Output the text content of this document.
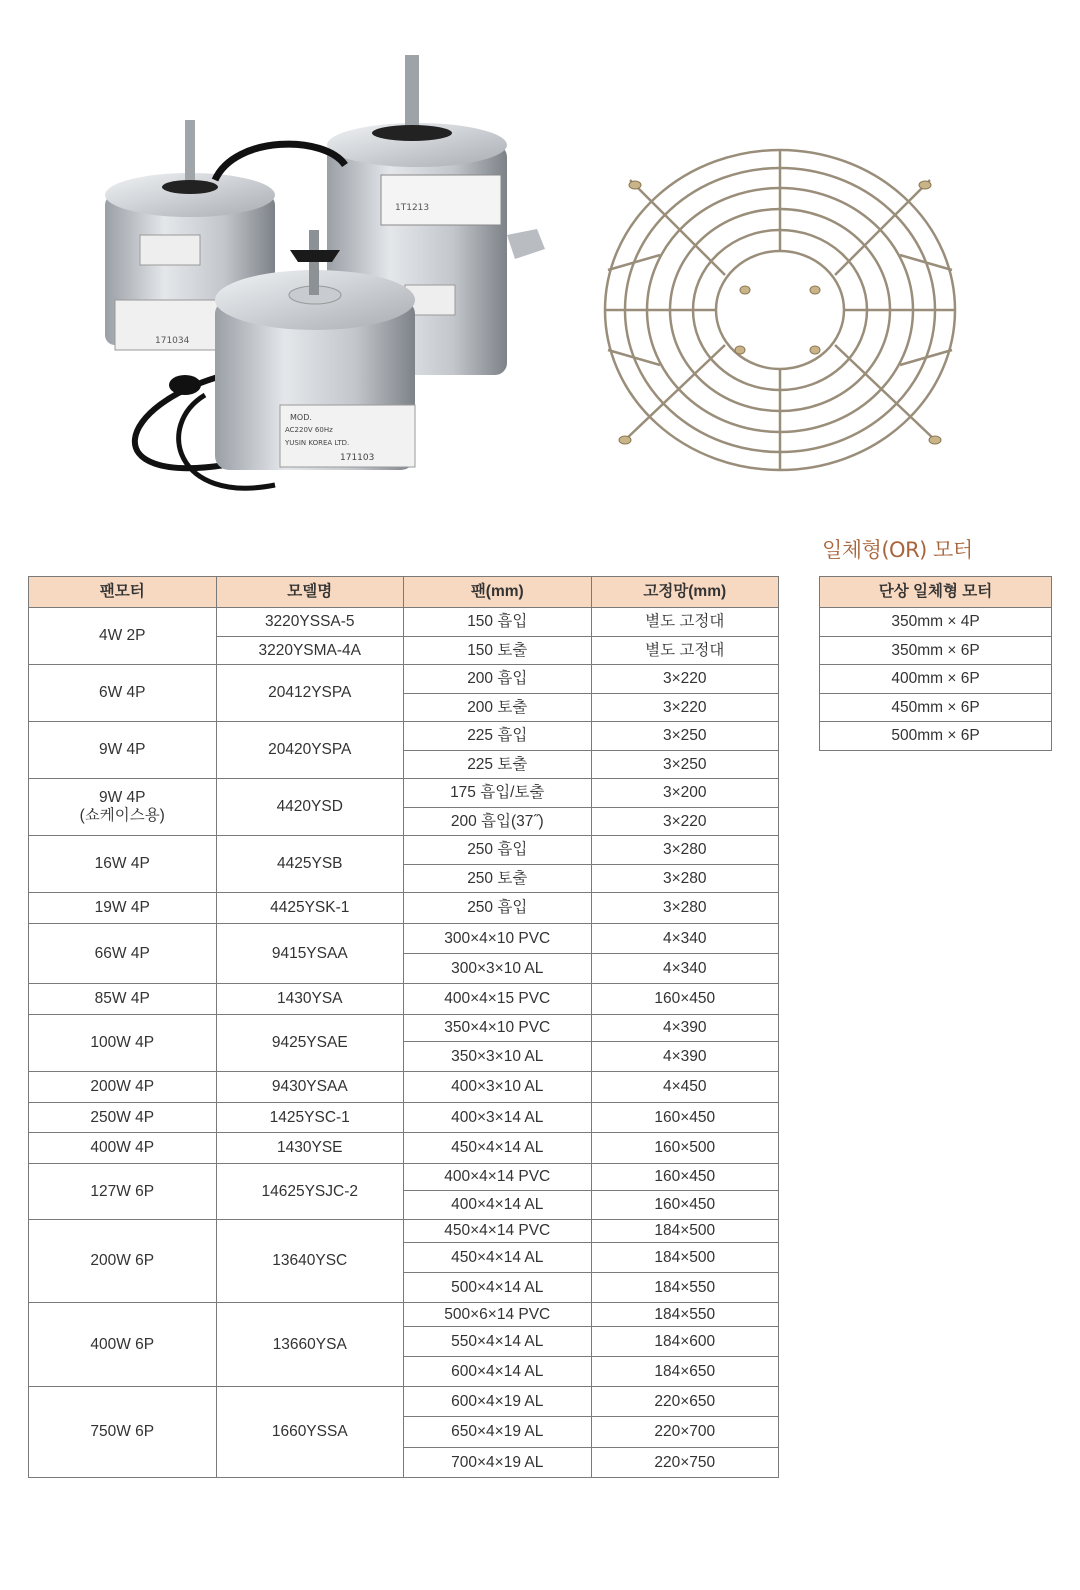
1T1213
171034
MOD.
AC220V 60Hz
YUSIN KOREA LTD.
171103
일체형(OR) 모터
팬모터	모델명	팬(mm)	고정망(mm)
4W 2P	3220YSSA-5	150 흡입	별도 고정대
	3220YSMA-4A	150 토출	별도 고정대
6W 4P	20412YSPA	200 흡입	3×220
		200 토출	3×220
9W 4P	20420YSPA	225 흡입	3×250
		225 토출	3×250

9W 4P
(쇼케이스용)	4420YSD	175 흡입/토출	3×200
		200 흡입(37˝)	3×220
16W 4P	4425YSB	250 흡입	3×280
		250 토출	3×280
19W 4P	4425YSK-1	250 흡입	3×280
66W 4P	9415YSAA	300×4×10 PVC	4×340
		300×3×10 AL	4×340
85W 4P	1430YSA	400×4×15 PVC	160×450
100W 4P	9425YSAE	350×4×10 PVC	4×390
		350×3×10 AL	4×390
200W 4P	9430YSAA	400×3×10 AL	4×450
250W 4P	1425YSC-1	400×3×14 AL	160×450
400W 4P	1430YSE	450×4×14 AL	160×500
127W 6P	14625YSJC-2	400×4×14 PVC	160×450
		400×4×14 AL	160×450
200W 6P	13640YSC	450×4×14 PVC	184×500
		450×4×14 AL	184×500
		500×4×14 AL	184×550
400W 6P	13660YSA	500×6×14 PVC	184×550
		550×4×14 AL	184×600
		600×4×14 AL	184×650
750W 6P	1660YSSA	600×4×19 AL	220×650
		650×4×19 AL	220×700
		700×4×19 AL	220×750
단상 일체형 모터
350mm × 4P
350mm × 6P
400mm × 6P
450mm × 6P
500mm × 6P
